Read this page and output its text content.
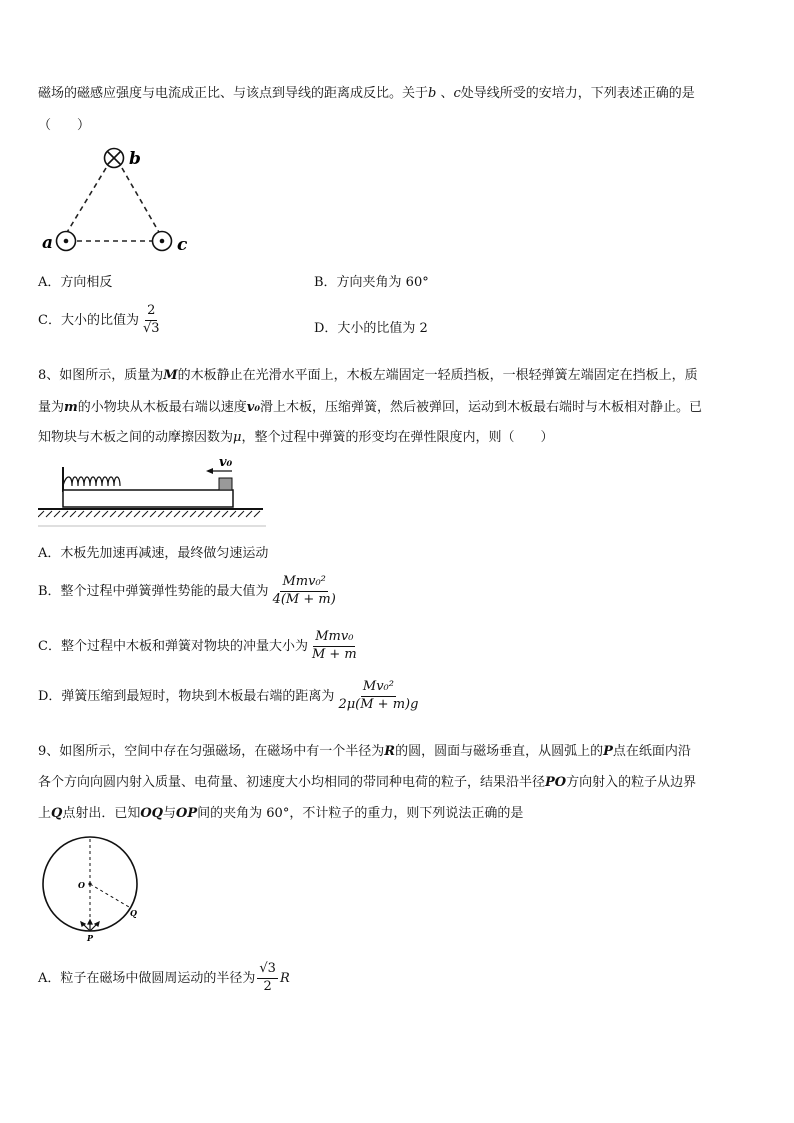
磁场的磁感应强度与电流成正比、与该点到导线的距离成反比。关于b 、c处导线所受的安培力，下列表述正确的是
（　　）
b
a	c
A．方向相反	B．方向夹角为 60°
C．大小的比值为 $\frac{2}{√3}$	D．大小的比值为 2
8、如图所示，质量为M的木板静止在光滑水平面上，木板左端固定一轻质挡板，一根轻弹簧左端固定在挡板上，质
量为m的小物块从木板最右端以速度v₀滑上木板，压缩弹簧，然后被弹回，运动到木板最右端时与木板相对静止。已
知物块与木板之间的动摩擦因数为μ，整个过程中弹簧的形变均在弹性限度内，则（　　）
v₀
A．木板先加速再减速，最终做匀速运动
B．整个过程中弹簧弹性势能的最大值为 $\frac{\text{Mmv₀²}}{4(M + m)}$
C．整个过程中木板和弹簧对物块的冲量大小为 $\frac{\text{Mmv₀}}{M + m}$
D．弹簧压缩到最短时，物块到木板最右端的距离为 $\frac{\text{Mv₀²}}{2\mu(M + m)g}$
9、如图所示，空间中存在匀强磁场，在磁场中有一个半径为R的圆，圆面与磁场垂直，从圆弧上的P点在纸面内沿
各个方向向圆内射入质量、电荷量、初速度大小均相同的带同种电荷的粒子，结果沿半径PO方向射入的粒子从边界
上Q点射出．已知OQ与OP间的夹角为 60°，不计粒子的重力，则下列说法正确的是
O
Q
P
A．粒子在磁场中做圆周运动的半径为 $\frac{√3}{2}$ R
